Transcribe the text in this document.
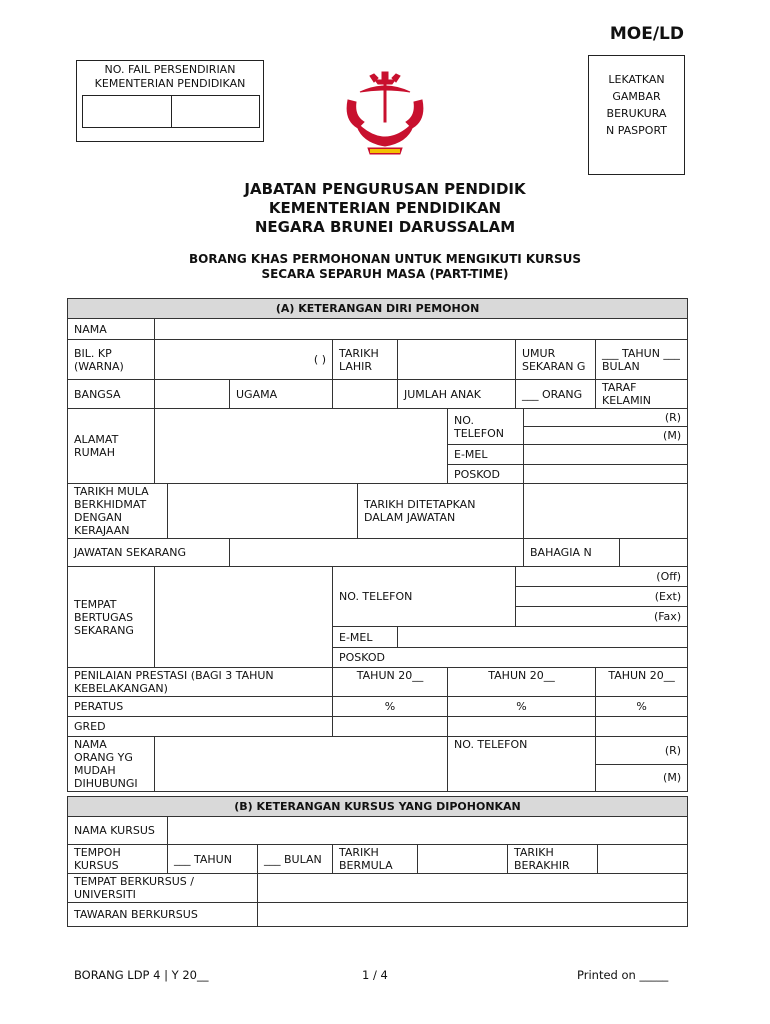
MOE/LD
NO. FAIL PERSENDIRIAN
KEMENTERIAN PENDIDIKAN	LEKATKAN
GAMBAR
BERUKURA
N PASPORT
JABATAN PENGURUSAN PENDIDIK
KEMENTERIAN PENDIDIKAN
NEGARA BRUNEI DARUSSALAM
BORANG KHAS PERMOHONAN UNTUK MENGIKUTI KURSUS
SECARA SEPARUH MASA (PART-TIME)
(A) KETERANGAN DIRI PEMOHON											
NAMA											
BIL. KP (WARNA)	( )			TARIKH LAHIR				UMUR SEKARAN G		___ TAHUN ___ BULAN	
BANGSA			UGAMA			JUMLAH ANAK		___ ORANG		TARAF KELAMIN	
ALAMAT RUMAH							NO. TELEFON		(R)		
									(M)		
							E-MEL				
							POSKOD				
TARIKH MULA BERKHIDMAT DENGAN KERAJAAN					TARIKH DITETAPKAN DALAM JAWATAN						
JAWATAN SEKARANG									BAHAGIA N		
TEMPAT BERTUGAS SEKARANG				NO. TELEFON				(Off)			
								(Ext)			
								(Fax)			
				E-MEL							
				POSKOD							
PENILAIAN PRESTASI (BAGI 3 TAHUN KEBELAKANGAN)				TAHUN 20__			TAHUN 20__			TAHUN 20__	
PERATUS				%			%			%	
GRED											
NAMA ORANG YG MUDAH DIHUBUNGI							NO. TELEFON			(R)	
										(M)	
(B) KETERANGAN KURSUS YANG DIPOHONKAN						
NAMA KURSUS						
TEMPOH KURSUS	___ TAHUN	___ BULAN	TARIKH BERMULA		TARIKH BERAKHIR	
TEMPAT BERKURSUS / UNIVERSITI						
TAWARAN BERKURSUS						
BORANG LDP 4 | Y 20__	1 / 4	Printed on _____
